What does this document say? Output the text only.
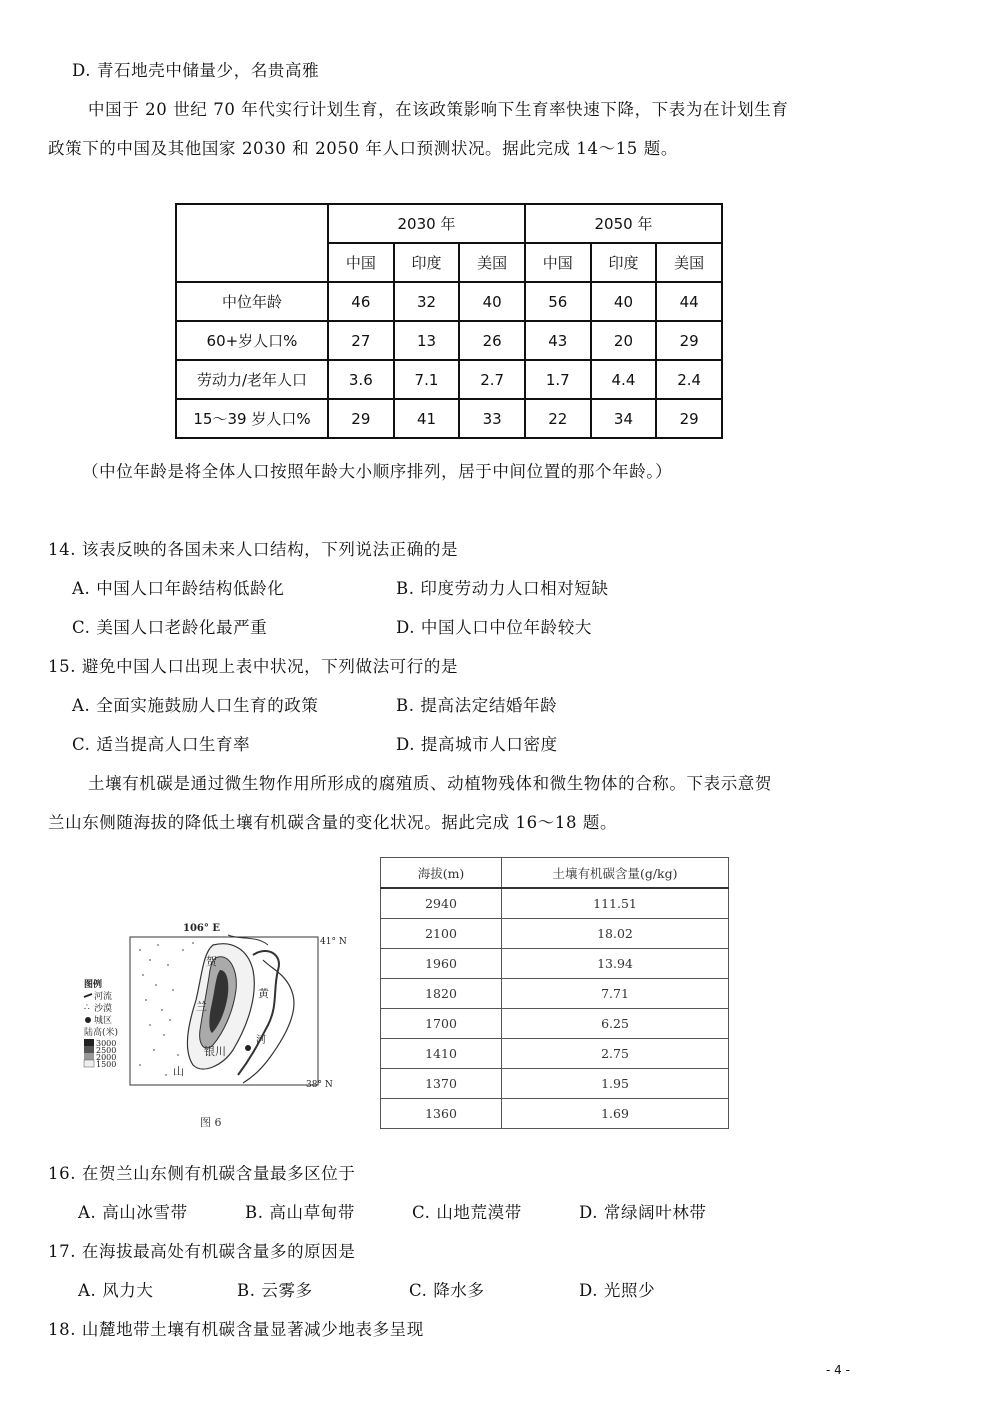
D. 青石地壳中储量少，名贵高雅
中国于 20 世纪 70 年代实行计划生育，在该政策影响下生育率快速下降，下表为在计划生育
政策下的中国及其他国家 2030 和 2050 年人口预测状况。据此完成 14～15 题。
	2030 年			2050 年		
	中国	印度	美国	中国	印度	美国
中位年龄	46	32	40	56	40	44
60+岁人口%	27	13	26	43	20	29
劳动力/老年人口	3.6	7.1	2.7	1.7	4.4	2.4
15～39 岁人口%	29	41	33	22	34	29
（中位年龄是将全体人口按照年龄大小顺序排列，居于中间位置的那个年龄。）
14. 该表反映的各国未来人口结构，下列说法正确的是
A. 中国人口年龄结构低龄化	B. 印度劳动力人口相对短缺
C. 美国人口老龄化最严重	D. 中国人口中位年龄较大
15. 避免中国人口出现上表中状况，下列做法可行的是
A. 全面实施鼓励人口生育的政策	B. 提高法定结婚年龄
C. 适当提高人口生育率	D. 提高城市人口密度
土壤有机碳是通过微生物作用所形成的腐殖质、动植物残体和微生物体的合称。下表示意贺
兰山东侧随海拔的降低土壤有机碳含量的变化状况。据此完成 16～18 题。
106° E
41° N
38° N
贺
兰
山
银川
黄
河
图例
河流
∴ 沙漠
城区
陆高(米)
3000
2500
2000
1500
图 6
海拔(m)	土壤有机碳含量(g/kg)
2940	111.51
2100	18.02
1960	13.94
1820	7.71
1700	6.25
1410	2.75
1370	1.95
1360	1.69
16. 在贺兰山东侧有机碳含量最多区位于
A. 高山冰雪带	B. 高山草甸带	C. 山地荒漠带	D. 常绿阔叶林带
17. 在海拔最高处有机碳含量多的原因是
A. 风力大	B. 云雾多	C. 降水多	D. 光照少
18. 山麓地带土壤有机碳含量显著减少地表多呈现
- 4 -
